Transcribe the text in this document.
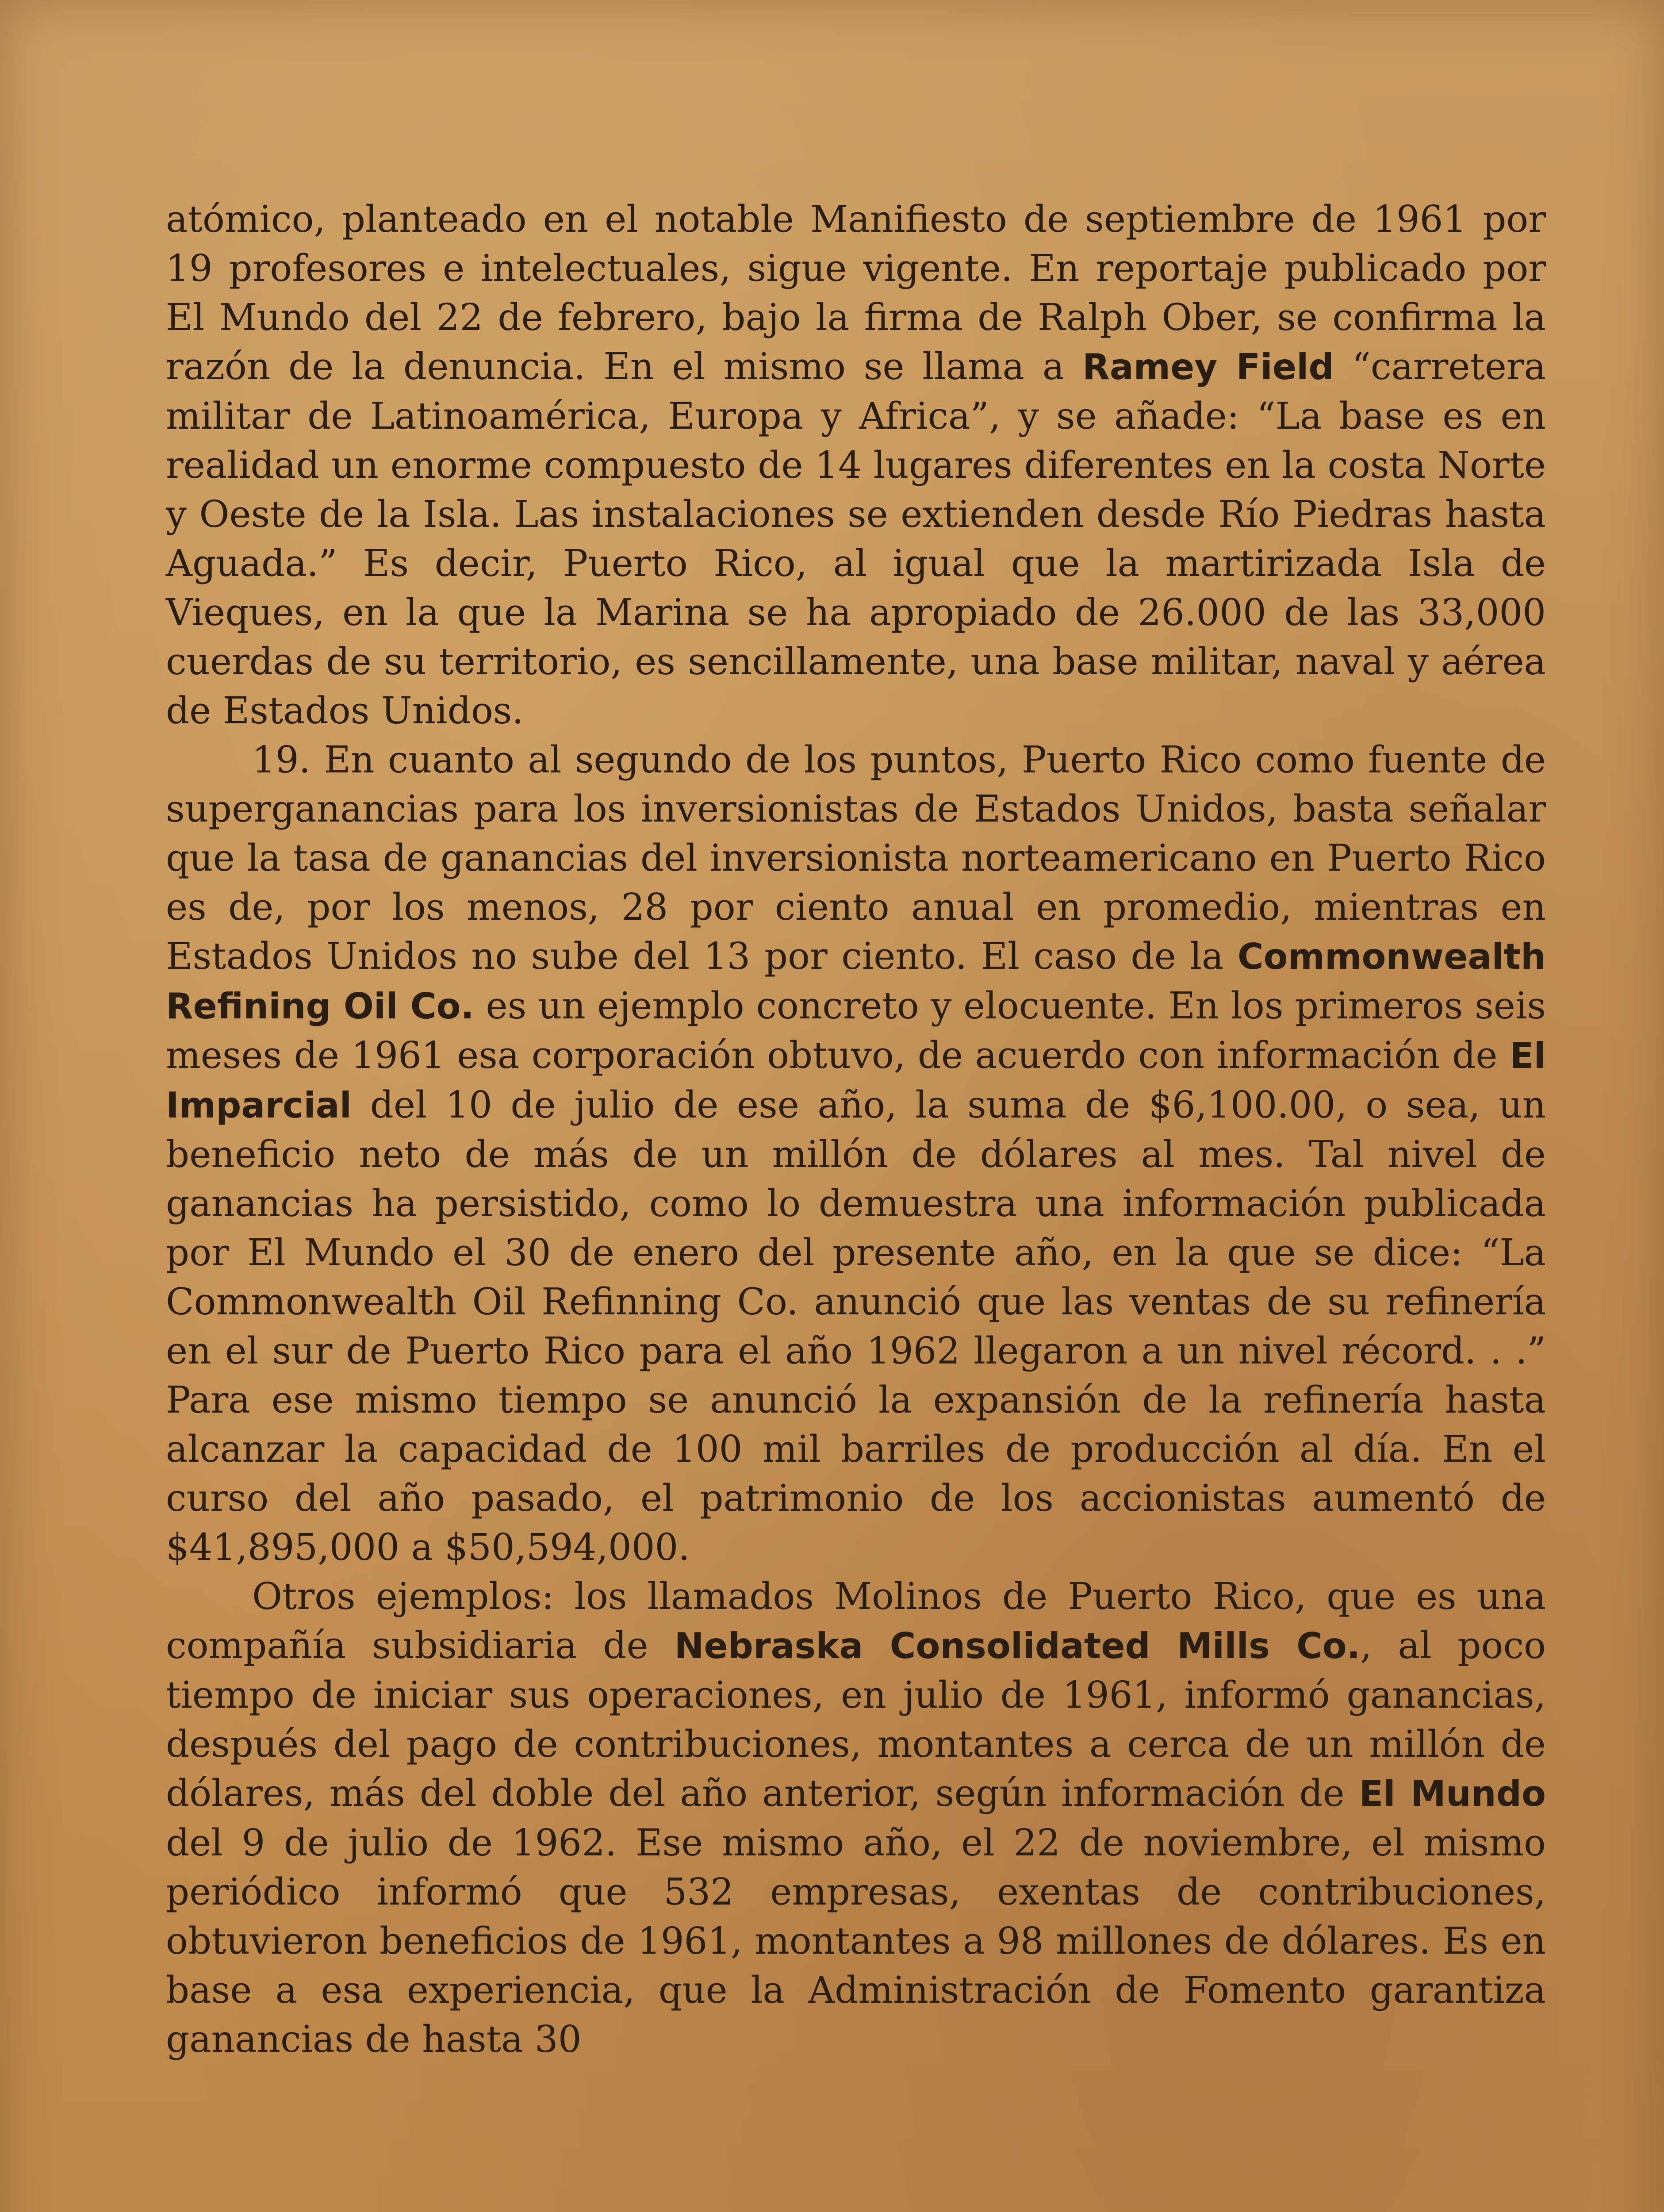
atómico, planteado en el notable Manifiesto de septiembre de 1961 por 19 profesores e intelectuales, sigue vigente. En reportaje publicado por El Mundo del 22 de febrero, bajo la firma de Ralph Ober, se confirma la razón de la denuncia. En el mismo se llama a Ramey Field “carretera militar de Latinoamérica, Europa y Africa”, y se añade: “La base es en realidad un enorme compuesto de 14 lugares diferentes en la costa Norte y Oeste de la Isla. Las instalaciones se extienden desde Río Piedras hasta Aguada.” Es decir, Puerto Rico, al igual que la martirizada Isla de Vieques, en la que la Marina se ha apropiado de 26.000 de las 33,000 cuerdas de su territorio, es sencillamente, una base militar, naval y aérea de Estados Unidos.

19. En cuanto al segundo de los puntos, Puerto Rico como fuente de superganancias para los inversionistas de Estados Unidos, basta señalar que la tasa de ganancias del inversionista norteamericano en Puerto Rico es de, por los menos, 28 por ciento anual en promedio, mientras en Estados Unidos no sube del 13 por ciento. El caso de la Commonwealth Refining Oil Co. es un ejemplo concreto y elocuente. En los primeros seis meses de 1961 esa corporación obtuvo, de acuerdo con información de El Imparcial del 10 de julio de ese año, la suma de $6,100.00, o sea, un beneficio neto de más de un millón de dólares al mes. Tal nivel de ganancias ha persistido, como lo demuestra una información publicada por El Mundo el 30 de enero del presente año, en la que se dice: “La Commonwealth Oil Refinning Co. anunció que las ventas de su refinería en el sur de Puerto Rico para el año 1962 llegaron a un nivel récord. . .” Para ese mismo tiempo se anunció la expansión de la refinería hasta alcanzar la capacidad de 100 mil barriles de producción al día. En el curso del año pasado, el patrimonio de los accionistas aumentó de $41,895,000 a $50,594,000.

Otros ejemplos: los llamados Molinos de Puerto Rico, que es una compañía subsidiaria de Nebraska Consolidated Mills Co., al poco tiempo de iniciar sus operaciones, en julio de 1961, informó ganancias, después del pago de contribuciones, montantes a cerca de un millón de dólares, más del doble del año anterior, según información de El Mundo del 9 de julio de 1962. Ese mismo año, el 22 de noviembre, el mismo periódico informó que 532 empresas, exentas de contribuciones, obtuvieron beneficios de 1961, montantes a 98 millones de dólares. Es en base a esa experiencia, que la Administración de Fomento garantiza ganancias de hasta 30
